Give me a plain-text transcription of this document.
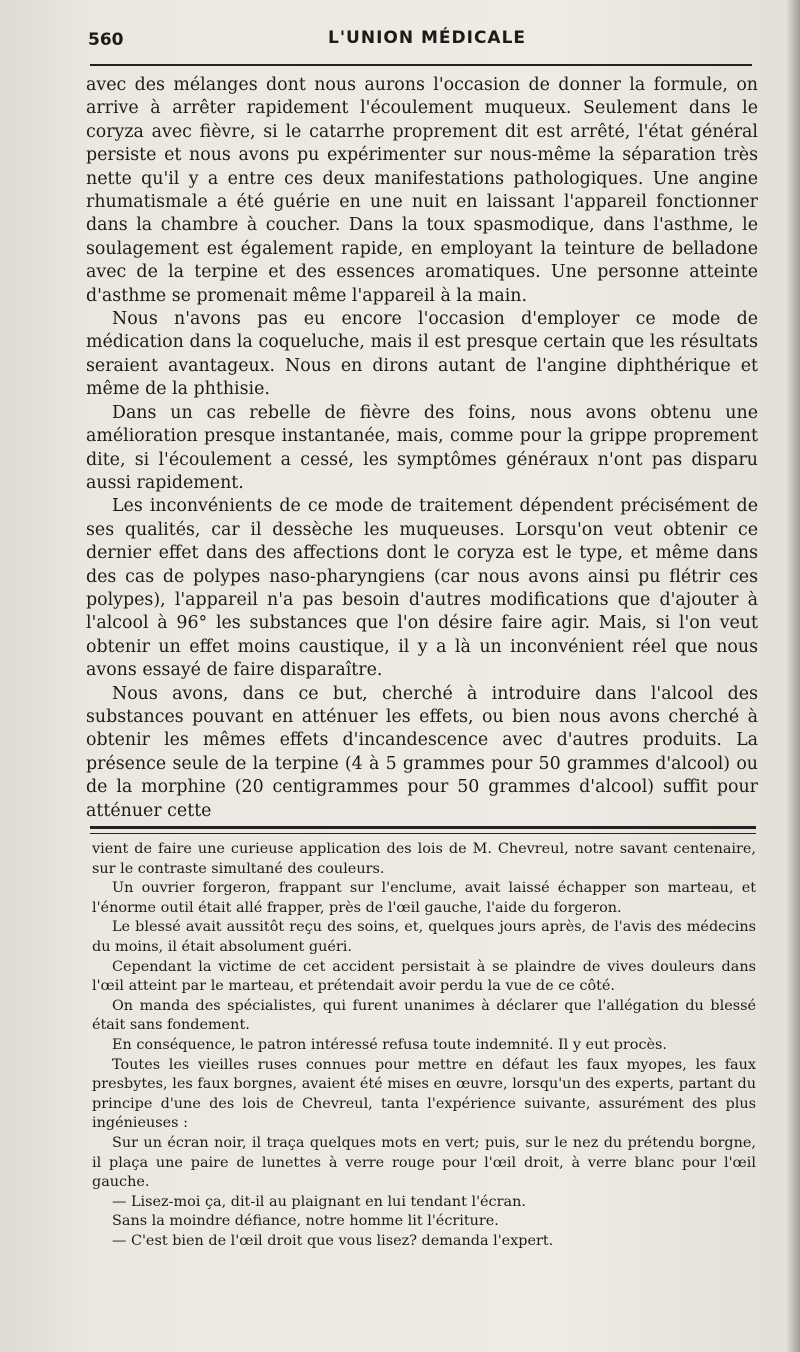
560	L'UNION MÉDICALE

avec des mélanges dont nous aurons l'occasion de donner la formule, on arrive à arrêter rapidement l'écoulement muqueux. Seulement dans le coryza avec fièvre, si le catarrhe proprement dit est arrêté, l'état général persiste et nous avons pu expérimenter sur nous-même la séparation très nette qu'il y a entre ces deux manifestations pathologiques. Une angine rhumatismale a été guérie en une nuit en laissant l'appareil fonctionner dans la chambre à coucher. Dans la toux spasmodique, dans l'asthme, le soulagement est également rapide, en employant la teinture de belladone avec de la terpine et des essences aromatiques. Une personne atteinte d'asthme se promenait même l'appareil à la main.

Nous n'avons pas eu encore l'occasion d'employer ce mode de médication dans la coqueluche, mais il est presque certain que les résultats seraient avantageux. Nous en dirons autant de l'angine diphthérique et même de la phthisie.

Dans un cas rebelle de fièvre des foins, nous avons obtenu une amélioration presque instantanée, mais, comme pour la grippe proprement dite, si l'écoulement a cessé, les symptômes généraux n'ont pas disparu aussi rapidement.

Les inconvénients de ce mode de traitement dépendent précisément de ses qualités, car il dessèche les muqueuses. Lorsqu'on veut obtenir ce dernier effet dans des affections dont le coryza est le type, et même dans des cas de polypes naso-pharyngiens (car nous avons ainsi pu flétrir ces polypes), l'appareil n'a pas besoin d'autres modifications que d'ajouter à l'alcool à 96° les substances que l'on désire faire agir. Mais, si l'on veut obtenir un effet moins caustique, il y a là un inconvénient réel que nous avons essayé de faire disparaître.

Nous avons, dans ce but, cherché à introduire dans l'alcool des substances pouvant en atténuer les effets, ou bien nous avons cherché à obtenir les mêmes effets d'incandescence avec d'autres produits. La présence seule de la terpine (4 à 5 grammes pour 50 grammes d'alcool) ou de la morphine (20 centigrammes pour 50 grammes d'alcool) suffit pour atténuer cette

vient de faire une curieuse application des lois de M. Chevreul, notre savant centenaire, sur le contraste simultané des couleurs.

Un ouvrier forgeron, frappant sur l'enclume, avait laissé échapper son marteau, et l'énorme outil était allé frapper, près de l'œil gauche, l'aide du forgeron.

Le blessé avait aussitôt reçu des soins, et, quelques jours après, de l'avis des médecins du moins, il était absolument guéri.

Cependant la victime de cet accident persistait à se plaindre de vives douleurs dans l'œil atteint par le marteau, et prétendait avoir perdu la vue de ce côté.

On manda des spécialistes, qui furent unanimes à déclarer que l'allégation du blessé était sans fondement.

En conséquence, le patron intéressé refusa toute indemnité. Il y eut procès.

Toutes les vieilles ruses connues pour mettre en défaut les faux myopes, les faux presbytes, les faux borgnes, avaient été mises en œuvre, lorsqu'un des experts, partant du principe d'une des lois de Chevreul, tanta l'expérience suivante, assurément des plus ingénieuses :

Sur un écran noir, il traça quelques mots en vert; puis, sur le nez du prétendu borgne, il plaça une paire de lunettes à verre rouge pour l'œil droit, à verre blanc pour l'œil gauche.

— Lisez-moi ça, dit-il au plaignant en lui tendant l'écran.

Sans la moindre défiance, notre homme lit l'écriture.

— C'est bien de l'œil droit que vous lisez? demanda l'expert.
